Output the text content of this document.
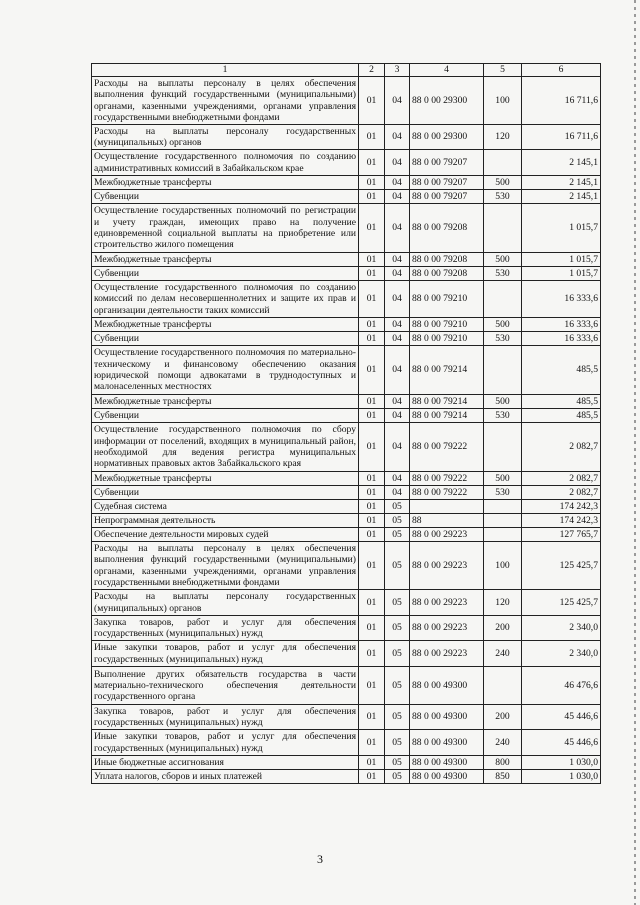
1	2	3	4	5	6
Расходы на выплаты персоналу в целях обеспечения выполнения функций государственными (муниципальными) органами, казенными учреждениями, органами управления государственными внебюджетными фондами	01	04	88 0 00 29300	100	16 711,6
Расходы на выплаты персоналу государственных (муниципальных) органов	01	04	88 0 00 29300	120	16 711,6
Осуществление государственного полномочия по созданию административных комиссий в Забайкальском крае	01	04	88 0 00 79207		2 145,1
Межбюджетные трансферты	01	04	88 0 00 79207	500	2 145,1
Субвенции	01	04	88 0 00 79207	530	2 145,1
Осуществление государственных полномочий по регистрации и учету граждан, имеющих право на получение единовременной социальной выплаты на приобретение или строительство жилого помещения	01	04	88 0 00 79208		1 015,7
Межбюджетные трансферты	01	04	88 0 00 79208	500	1 015,7
Субвенции	01	04	88 0 00 79208	530	1 015,7
Осуществление государственного полномочия по созданию комиссий по делам несовершеннолетних и защите их прав и организации деятельности таких комиссий	01	04	88 0 00 79210		16 333,6
Межбюджетные трансферты	01	04	88 0 00 79210	500	16 333,6
Субвенции	01	04	88 0 00 79210	530	16 333,6
Осуществление государственного полномочия по материально-техническому и финансовому обеспечению оказания юридической помощи адвокатами в труднодоступных и малонаселенных местностях	01	04	88 0 00 79214		485,5
Межбюджетные трансферты	01	04	88 0 00 79214	500	485,5
Субвенции	01	04	88 0 00 79214	530	485,5
Осуществление государственного полномочия по сбору информации от поселений, входящих в муниципальный район, необходимой для ведения регистра муниципальных нормативных правовых актов Забайкальского края	01	04	88 0 00 79222		2 082,7
Межбюджетные трансферты	01	04	88 0 00 79222	500	2 082,7
Субвенции	01	04	88 0 00 79222	530	2 082,7
Судебная система	01	05			174 242,3
Непрограммная деятельность	01	05	88		174 242,3
Обеспечение деятельности мировых судей	01	05	88 0 00 29223		127 765,7
Расходы на выплаты персоналу в целях обеспечения выполнения функций государственными (муниципальными) органами, казенными учреждениями, органами управления государственными внебюджетными фондами	01	05	88 0 00 29223	100	125 425,7
Расходы на выплаты персоналу государственных (муниципальных) органов	01	05	88 0 00 29223	120	125 425,7
Закупка товаров, работ и услуг для обеспечения государственных (муниципальных) нужд	01	05	88 0 00 29223	200	2 340,0
Иные закупки товаров, работ и услуг для обеспечения государственных (муниципальных) нужд	01	05	88 0 00 29223	240	2 340,0
Выполнение других обязательств государства в части материально-технического обеспечения деятельности государственного органа	01	05	88 0 00 49300		46 476,6
Закупка товаров, работ и услуг для обеспечения государственных (муниципальных) нужд	01	05	88 0 00 49300	200	45 446,6
Иные закупки товаров, работ и услуг для обеспечения государственных (муниципальных) нужд	01	05	88 0 00 49300	240	45 446,6
Иные бюджетные ассигнования	01	05	88 0 00 49300	800	1 030,0
Уплата налогов, сборов и иных платежей	01	05	88 0 00 49300	850	1 030,0
3
